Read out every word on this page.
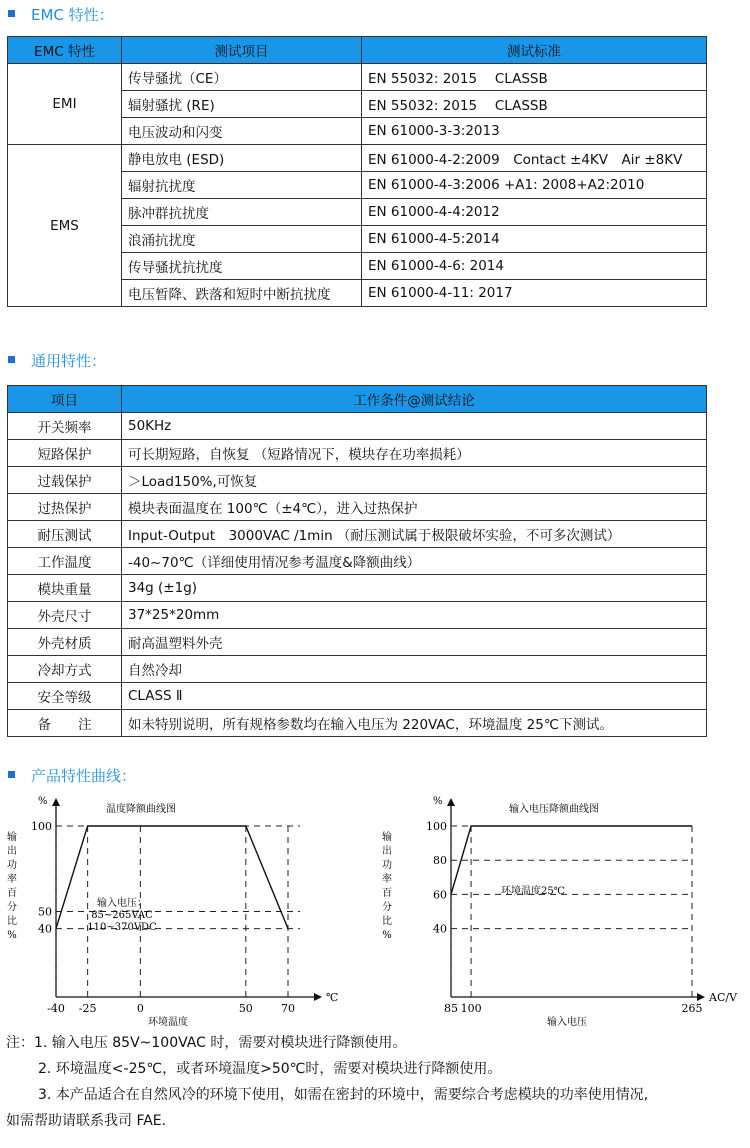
EMC 特性：
EMC 特性	测试项目	测试标准
EMI	传导骚扰（CE）	EN 55032: 2015　 CLASSB
	辐射骚扰 (RE)	EN 55032: 2015　 CLASSB
	电压波动和闪变	EN 61000-3-3:2013
EMS	静电放电 (ESD)	EN 61000-4-2:2009　Contact ±4KV　Air ±8KV
	辐射抗扰度	EN 61000-4-3:2006 +A1: 2008+A2:2010
	脉冲群抗扰度	EN 61000-4-4:2012
	浪涌抗扰度	EN 61000-4-5:2014
	传导骚扰抗扰度	EN 61000-4-6: 2014
	电压暂降、跌落和短时中断抗扰度	EN 61000-4-11: 2017
通用特性：
项目	工作条件@测试结论
开关频率	50KHz
短路保护	可长期短路，自恢复 （短路情况下，模块存在功率损耗）
过载保护	＞Load150%,可恢复
过热保护	模块表面温度在 100℃（±4℃），进入过热保护
耐压测试	Input-Output　3000VAC /1min （耐压测试属于极限破坏实验，不可多次测试）
工作温度	-40~70℃（详细使用情况参考温度&降额曲线）
模块重量	34g (±1g)
外壳尺寸	37*25*20mm
外壳材质	耐高温塑料外壳
冷却方式	自然冷却
安全等级	CLASS Ⅱ
备　　注	如未特别说明，所有规格参数均在输入电压为 220VAC，环境温度 25℃下测试。
产品特性曲线：
%
℃
40
50
100
-40 -25	0	50	70
输
出
功
率
百
分
比
%
温度降额曲线图
环境温度
输入电压：
85~265VAC
110~370VDC
%
AC/V
40
60
80
100
85 100	265
输
出
功
率
百
分
比
%
输入电压降额曲线图
输入电压
环境温度25℃
注：1. 输入电压 85V~100VAC 时，需要对模块进行降额使用。
2. 环境温度<-25℃，或者环境温度>50℃时，需要对模块进行降额使用。
3. 本产品适合在自然风冷的环境下使用，如需在密封的环境中，需要综合考虑模块的功率使用情况,
如需帮助请联系我司 FAE.
